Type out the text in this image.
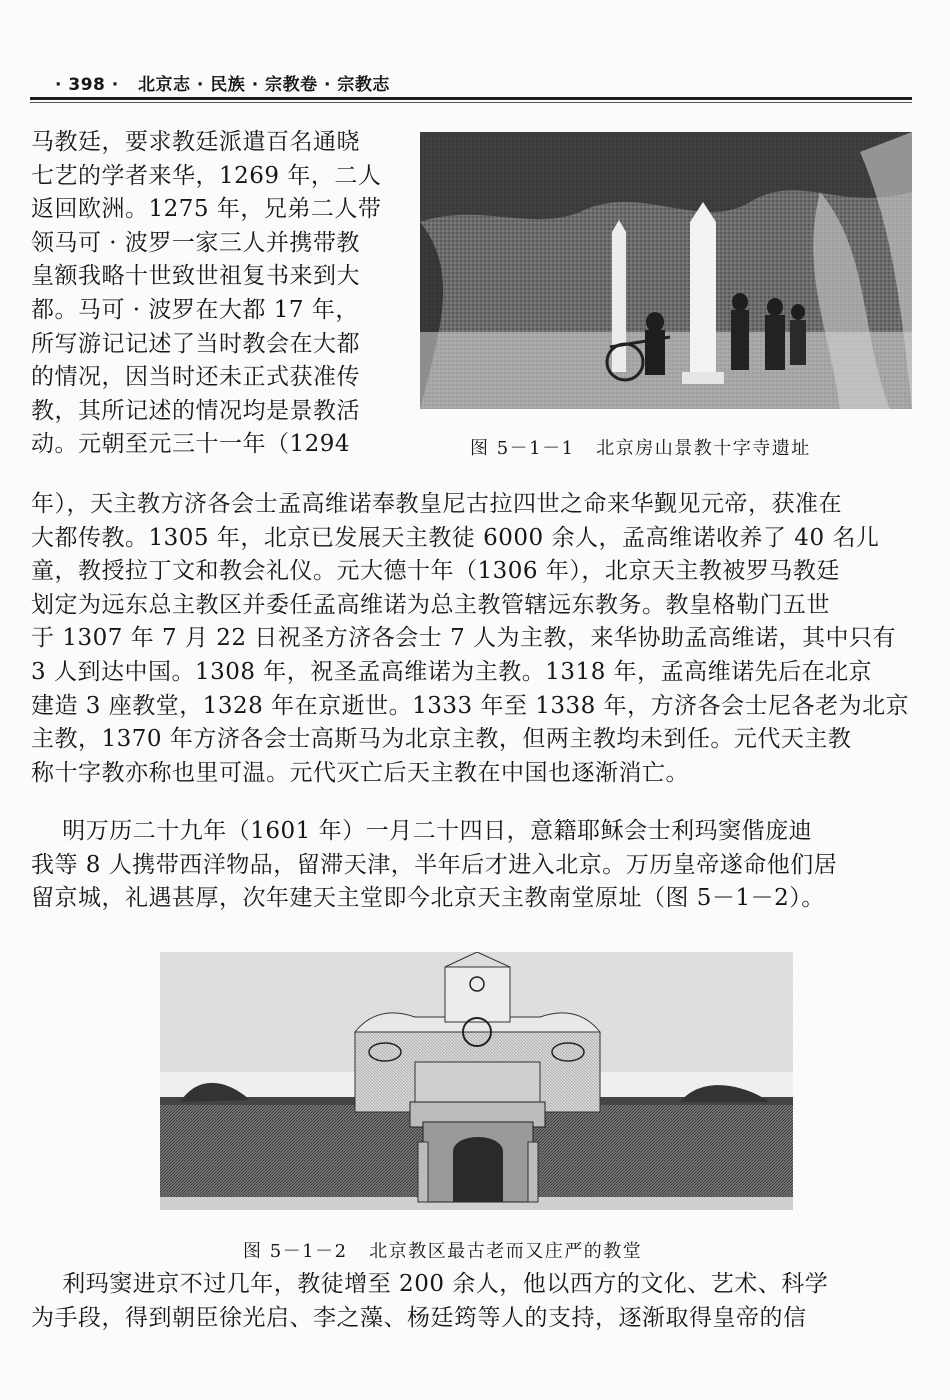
· 398 · 北京志 · 民族 · 宗教卷 · 宗教志

马教廷，要求教廷派遣百名通晓
七艺的学者来华，1269 年，二人
返回欧洲。1275 年，兄弟二人带
领马可 · 波罗一家三人并携带教
皇额我略十世致世祖复书来到大
都。马可 · 波罗在大都 17 年，
所写游记记述了当时教会在大都
的情况，因当时还未正式获准传
教，其所记述的情况均是景教活
动。元朝至元三十一年（1294	图 5－1－1   北京房山景教十字寺遗址

年），天主教方济各会士孟高维诺奉教皇尼古拉四世之命来华觐见元帝，获准在
大都传教。1305 年，北京已发展天主教徒 6000 余人，孟高维诺收养了 40 名儿
童，教授拉丁文和教会礼仪。元大德十年（1306 年），北京天主教被罗马教廷
划定为远东总主教区并委任孟高维诺为总主教管辖远东教务。教皇格勒门五世
于 1307 年 7 月 22 日祝圣方济各会士 7 人为主教，来华协助孟高维诺，其中只有
3 人到达中国。1308 年，祝圣孟高维诺为主教。1318 年，孟高维诺先后在北京
建造 3 座教堂，1328 年在京逝世。1333 年至 1338 年，方济各会士尼各老为北京
主教，1370 年方济各会士高斯马为北京主教，但两主教均未到任。元代天主教
称十字教亦称也里可温。元代灭亡后天主教在中国也逐渐消亡。

明万历二十九年（1601 年）一月二十四日，意籍耶稣会士利玛窦偕庞迪
我等 8 人携带西洋物品，留滞天津，半年后才进入北京。万历皇帝遂命他们居
留京城，礼遇甚厚，次年建天主堂即今北京天主教南堂原址（图 5－1－2）。

图 5－1－2   北京教区最古老而又庄严的教堂

利玛窦进京不过几年，教徒增至 200 余人，他以西方的文化、艺术、科学
为手段，得到朝臣徐光启、李之藻、杨廷筠等人的支持，逐渐取得皇帝的信
